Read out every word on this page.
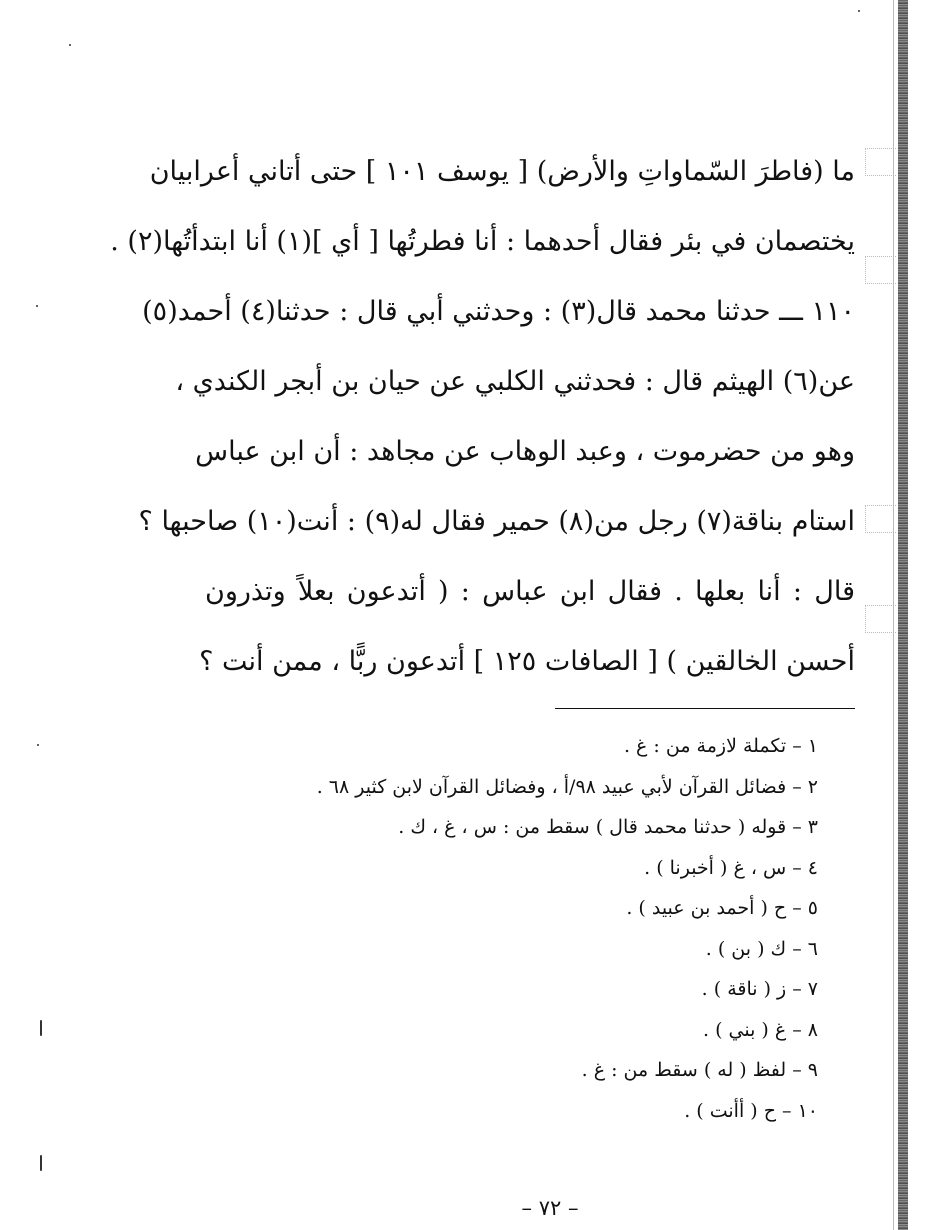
ما (فاطرَ السّماواتِ والأرض) [ يوسف ١٠١ ] حتى أتاني أعرابيان
يختصمان في بئر فقال أحدهما : أنا فطرتُها [ أي ](١) أنا ابتدأتُها(٢) .
١١٠ ـــ حدثنا محمد قال(٣) : وحدثني أبي قال : حدثنا(٤) أحمد(٥)
عن(٦) الهيثم قال : فحدثني الكلبي عن حيان بن أبجر الكندي ،
وهو من حضرموت ، وعبد الوهاب عن مجاهد : أن ابن عباس
استام بناقة(٧) رجل من(٨) حمير فقال له(٩) : أنت(١٠) صاحبها ؟
قال : أنا بعلها . فقال ابن عباس : ( أتدعون بعلاً وتذرون
أحسن الخالقين ) [ الصافات ١٢٥ ] أتدعون ربًّا ، ممن أنت ؟
١ – تكملة لازمة من : غ .
٢ – فضائل القرآن لأبي عبيد ٩٨/أ ، وفضائل القرآن لابن كثير ٦٨ .
٣ – قوله ( حدثنا محمد قال ) سقط من : س ، غ ، ك .
٤ – س ، غ ( أخبرنا ) .
٥ – ح ( أحمد بن عبيد ) .
٦ – ك ( بن ) .
٧ – ز ( ناقة ) .
٨ – غ ( بني ) .
٩ – لفظ ( له ) سقط من : غ .
١٠ – ح ( أأنت ) .
– ٧٢ –
